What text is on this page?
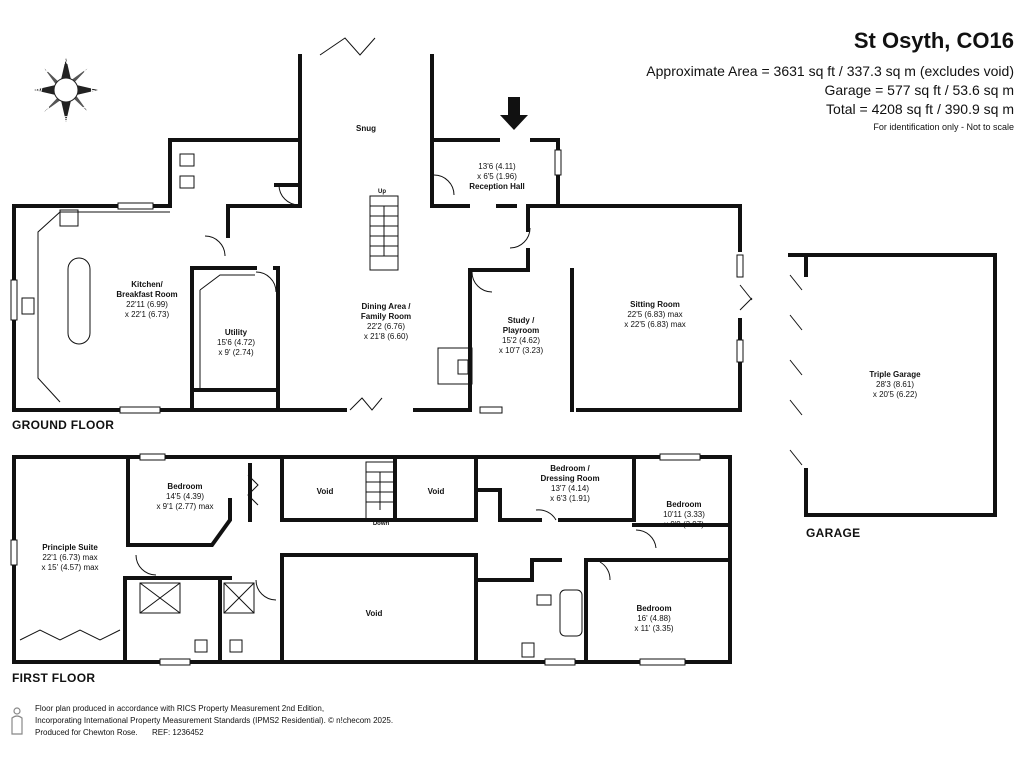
N
NE
E
SE
S
SW
W
NW
St Osyth, CO16
Approximate Area = 3631 sq ft / 337.3 sq m (excludes void)
Garage = 577 sq ft / 53.6 sq m
Total = 4208 sq ft / 390.9 sq m
For identification only - Not to scale
GROUND FLOOR
FIRST FLOOR
GARAGE
Snug
13'6 (4.11)
x 6'5 (1.96)
Reception Hall
Kitchen/
Breakfast Room
22'11 (6.99)
x 22'1 (6.73)
Utility
15'6 (4.72)
x 9' (2.74)
Dining Area /
Family Room
22'2 (6.76)
x 21'8 (6.60)
Study /
Playroom
15'2 (4.62)
x 10'7 (3.23)
Sitting Room
22'5 (6.83) max
x 22'5 (6.83) max
Triple Garage
28'3 (8.61)
x 20'5 (6.22)
Up
Bedroom
14'5 (4.39)
x 9'1 (2.77) max
Void	Void
Bedroom /
Dressing Room
13'7 (4.14)
x 6'3 (1.91)
Bedroom
10'11 (3.33)
x 9'9 (2.97)
Principle Suite
22'1 (6.73) max
x 15' (4.57) max
Void
Bedroom
16' (4.88)
x 11' (3.35)
Down
Floor plan produced in accordance with RICS Property Measurement 2nd Edition,
Incorporating International Property Measurement Standards (IPMS2 Residential). © n!checom 2025.
Produced for Chewton Rose. REF: 1236452
